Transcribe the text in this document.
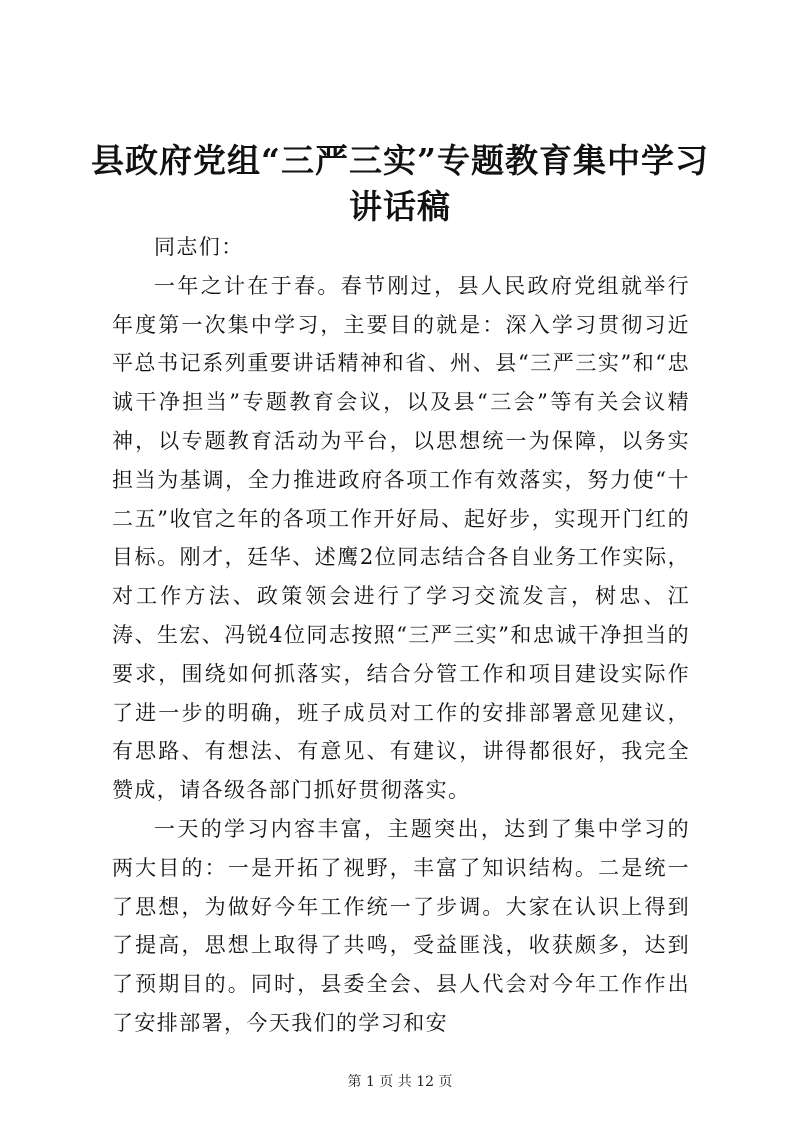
县政府党组“三严三实”专题教育集中学习讲话稿

同志们：

一年之计在于春。春节刚过，县人民政府党组就举行年度第一次集中学习，主要目的就是：深入学习贯彻习近平总书记系列重要讲话精神和省、州、县“三严三实”和“忠诚干净担当”专题教育会议，以及县“三会”等有关会议精神，以专题教育活动为平台，以思想统一为保障，以务实担当为基调，全力推进政府各项工作有效落实，努力使“十二五”收官之年的各项工作开好局、起好步，实现开门红的目标。刚才，廷华、述鹰2位同志结合各自业务工作实际，对工作方法、政策领会进行了学习交流发言，树忠、江涛、生宏、冯锐4位同志按照“三严三实”和忠诚干净担当的要求，围绕如何抓落实，结合分管工作和项目建设实际作了进一步的明确，班子成员对工作的安排部署意见建议，有思路、有想法、有意见、有建议，讲得都很好，我完全赞成，请各级各部门抓好贯彻落实。

一天的学习内容丰富，主题突出，达到了集中学习的两大目的：一是开拓了视野，丰富了知识结构。二是统一了思想，为做好今年工作统一了步调。大家在认识上得到了提高，思想上取得了共鸣，受益匪浅，收获颇多，达到了预期目的。同时，县委全会、县人代会对今年工作作出了安排部署，今天我们的学习和安

第 1 页 共 12 页
